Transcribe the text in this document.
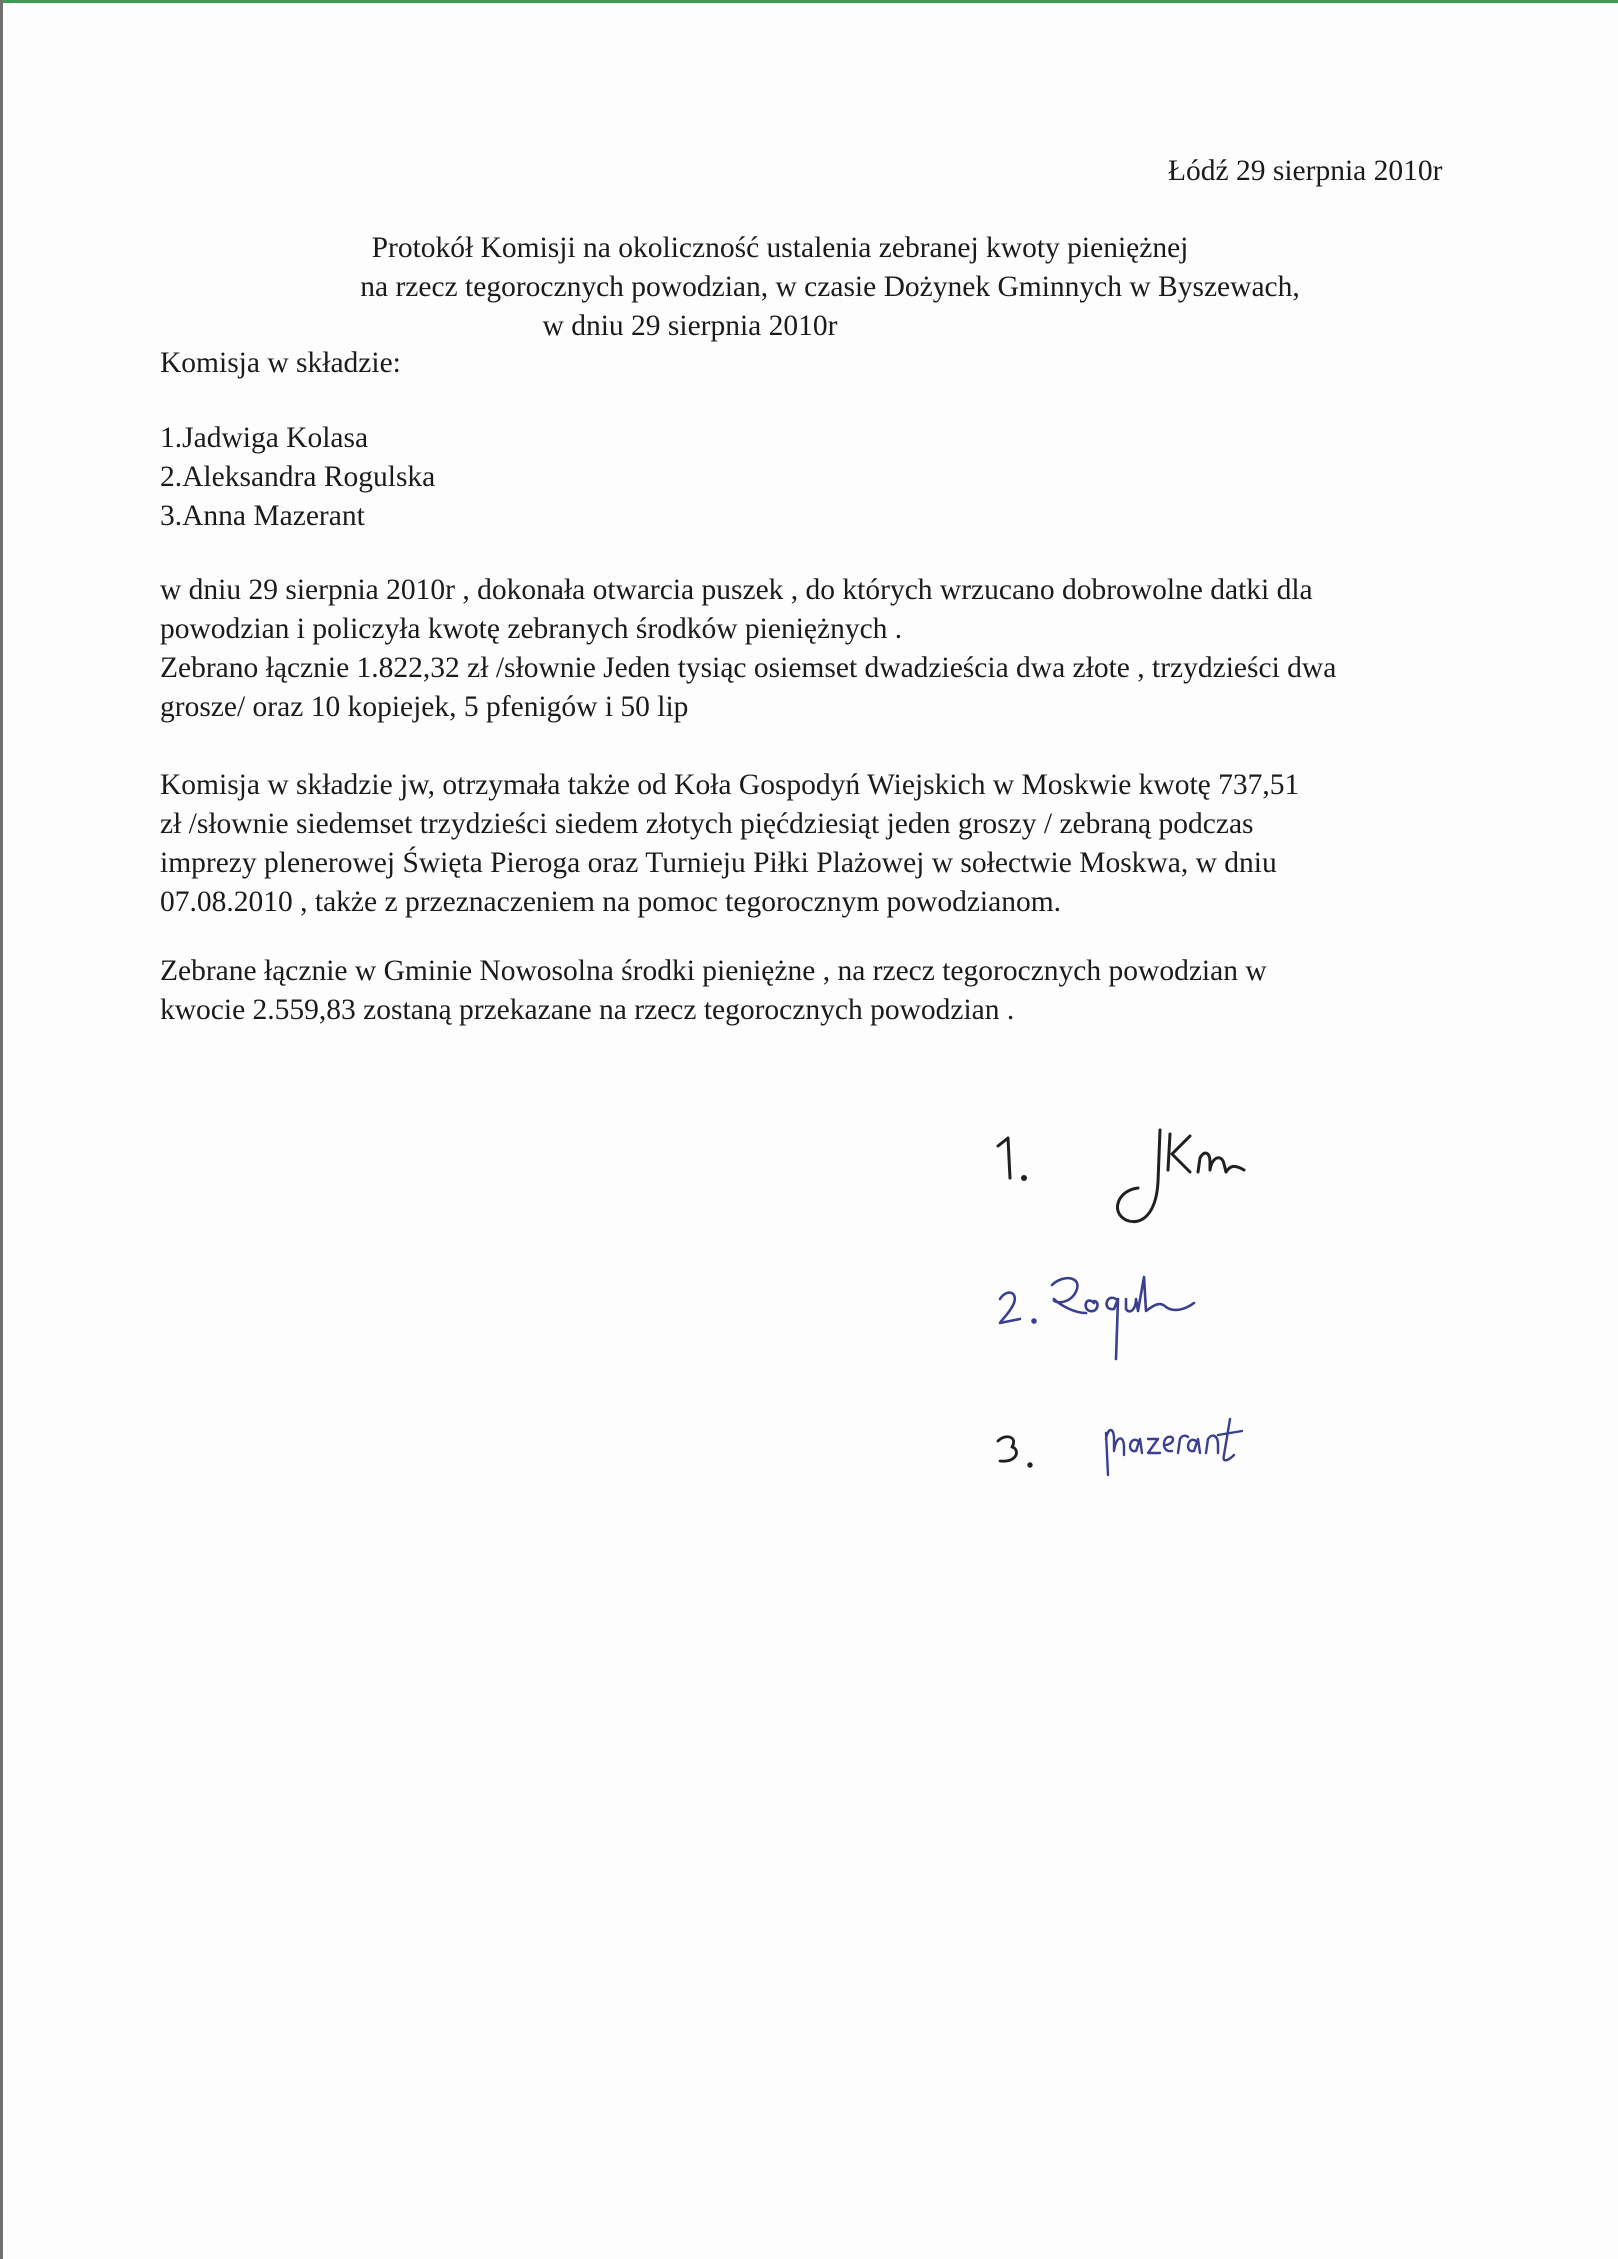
Łódź 29 sierpnia 2010r
Protokół Komisji na okoliczność ustalenia zebranej kwoty pieniężnej
na rzecz tegorocznych powodzian, w czasie Dożynek Gminnych w Byszewach,
w dniu 29 sierpnia 2010r
Komisja w składzie:
1.Jadwiga Kolasa
2.Aleksandra Rogulska
3.Anna Mazerant

w dniu 29 sierpnia 2010r , dokonała otwarcia puszek , do których wrzucano dobrowolne datki dla
powodzian i policzyła kwotę zebranych środków pieniężnych .
Zebrano łącznie 1.822,32 zł /słownie Jeden tysiąc osiemset dwadzieścia dwa złote , trzydzieści dwa
grosze/ oraz 10 kopiejek, 5 pfenigów i 50 lip

Komisja w składzie jw, otrzymała także od Koła Gospodyń Wiejskich w Moskwie kwotę 737,51
zł /słownie siedemset trzydzieści siedem złotych pięćdziesiąt jeden groszy / zebraną podczas
imprezy plenerowej Święta Pieroga oraz Turnieju Piłki Plażowej w sołectwie Moskwa, w dniu
07.08.2010 , także z przeznaczeniem na pomoc tegorocznym powodzianom.

Zebrane łącznie w Gminie Nowosolna środki pieniężne , na rzecz tegorocznych powodzian w
kwocie 2.559,83 zostaną przekazane na rzecz tegorocznych powodzian .
